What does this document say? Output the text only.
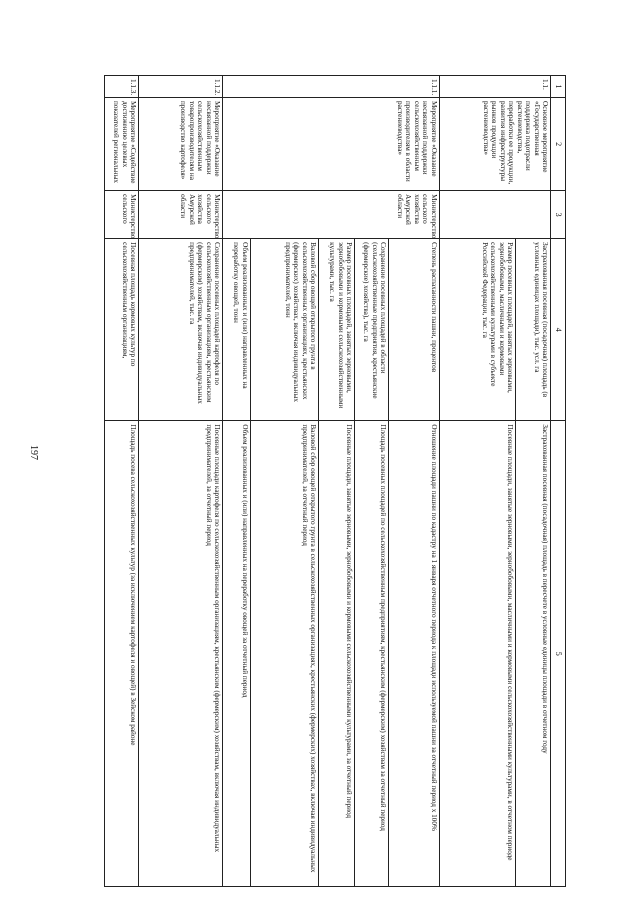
197
1	2	3	4	5
1.1.	Основное мероприятие «Государственная поддержка подотрасли растениеводства, переработки ее продукции, развития инфраструктуры рынков продукции растениеводства»		Застрахованная посевная (посадочная) площадь (в условных единицах площади), тыс. усл. га	Застрахованная посевная (посадочная) площадь в пересчете в условные единицы площади в отчетном году
			Размер посевных площадей, занятых зерновыми, зернобобовыми, масличными и кормовыми сельскохозяйственными культурами в субъекте Российской Федерации, тыс. га	Посевные площади, занятые зерновыми, зернобобовыми, масличными и кормовыми сельскохозяйственными культурами, в отчетном периоде
1.1.1.	Мероприятие «Оказание несвязанной поддержки сельскохозяйственным производителям в области растениеводства»	Министерство сельского хозяйства Амурской области	Степень распаханности пашни, процентов	Отношение площади пашни по кадастру на 1 января отчетного периода к площади используемой пашни за отчетный период х 100%
			Сохранение посевных площадей в области (сельскохозяйственные предприятия, крестьянские (фермерские) хозяйства), тыс. га	Площадь посевных площадей по сельскохозяйственным предприятиям, крестьянским (фермерским) хозяйствам за отчетный период
			Размер посевных площадей, занятых зерновыми, зернобобовыми и кормовыми сельскохозяйственными культурами, тыс. га	Посевные площади, занятые зерновыми, зернобобовыми и кормовыми сельскохозяйственными культурами, за отчетный период
			Валовой сбор овощей открытого грунта в сельскохозяйственных организациях, крестьянских (фермерских) хозяйствах, включая индивидуальных предпринимателей, тонн	Валовой сбор овощей открытого грунта в сельскохозяйственных организациях, крестьянских (фермерских) хозяйствах, включая индивидуальных предпринимателей, за отчетный период
			Объем реализованных и (или) направленных на переработку овощей, тонн	Объем реализованных и (или) направленных на переработку овощей за отчетный период
1.1.2.	Мероприятие «Оказание несвязанной поддержки сельскохозяйственным товаропроизводителям на производство картофеля»	Министерство сельского хозяйства Амурской области	Сохранение посевных площадей картофеля по сельскохозяйственным организациям, крестьянским (фермерским) хозяйствам, включая индивидуальных предпринимателей, тыс. га	Посевные площади картофеля по сельскохозяйственным организациям, крестьянским (фермерским) хозяйствам, включая индивидуальных предпринимателей, за отчетный период
1.1.3.	Мероприятие «Содействие достижению целевых показателей региональных	Министерство сельского	Посевная площадь кормовых культур по сельскохозяйственным организациям,	Площадь посева сельскохозяйственных культур (за исключением картофеля и овощей) в Зейском районе
